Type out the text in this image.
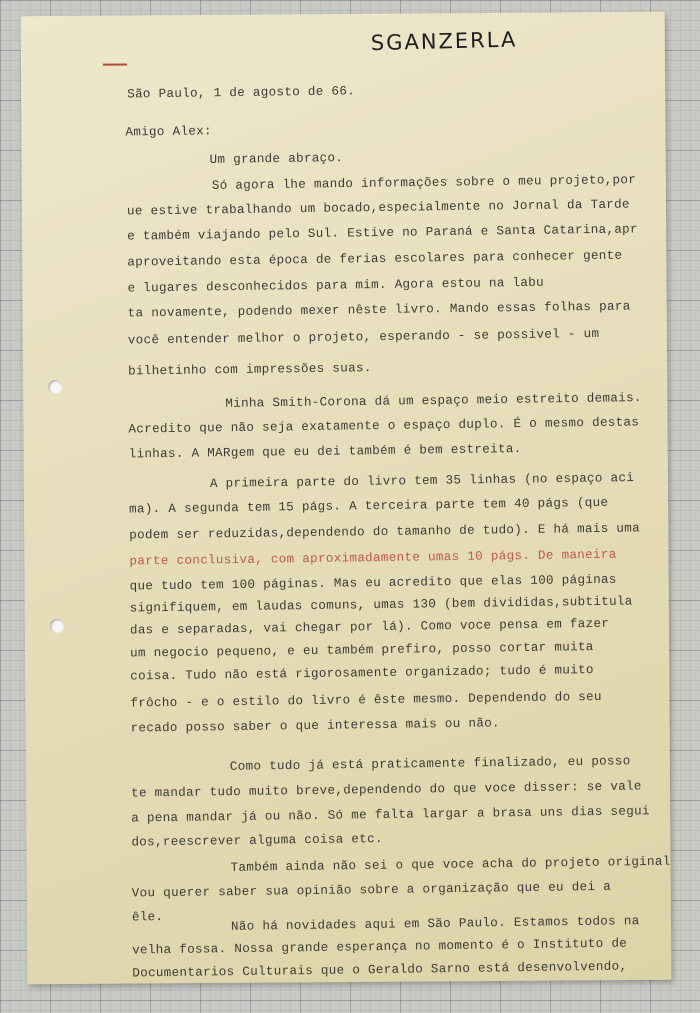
SGANZERLA
São Paulo, 1 de agosto de 66.
Amigo Alex:
Um grande abraço.
Só agora lhe mando informações sobre o meu projeto,por
ue estive trabalhando um bocado,especialmente no Jornal da Tarde
e também viajando pelo Sul. Estive no Paraná e Santa Catarina,apr
aproveitando esta época de ferias escolares para conhecer gente
e lugares desconhecidos para mim. Agora estou na labu
ta novamente, podendo mexer nêste livro. Mando essas folhas para
você entender melhor o projeto, esperando - se possivel - um
bilhetinho com impressões suas.
Minha Smith-Corona dá um espaço meio estreito demais.
Acredito que não seja exatamente o espaço duplo. É o mesmo destas
linhas. A MARgem que eu dei também é bem estreita.
A primeira parte do livro tem 35 linhas (no espaço aci
ma). A segunda tem 15 págs. A terceira parte tem 40 págs (que
podem ser reduzidas,dependendo do tamanho de tudo). E há mais uma
parte conclusiva, com aproximadamente umas 10 págs. De maneira
que tudo tem 100 páginas. Mas eu acredito que elas 100 páginas
signifiquem, em laudas comuns, umas 130 (bem divididas,subtitula
das e separadas, vai chegar por lá). Como voce pensa em fazer
um negocio pequeno, e eu também prefiro, posso cortar muita
coisa. Tudo não está rigorosamente organizado; tudo é muito
frôcho - e o estilo do livro é êste mesmo. Dependendo do seu
recado posso saber o que interessa mais ou não.
Como tudo já está praticamente finalizado, eu posso
te mandar tudo muito breve,dependendo do que voce disser: se vale
a pena mandar já ou não. Só me falta largar a brasa uns dias segui
dos,reescrever alguma coisa etc.
Também ainda não sei o que voce acha do projeto original
Vou querer saber sua opinião sobre a organização que eu dei a
êle.	Não há novidades aqui em São Paulo. Estamos todos na
velha fossa. Nossa grande esperança no momento é o Instituto de
Documentarios Culturais que o Geraldo Sarno está desenvolvendo,
